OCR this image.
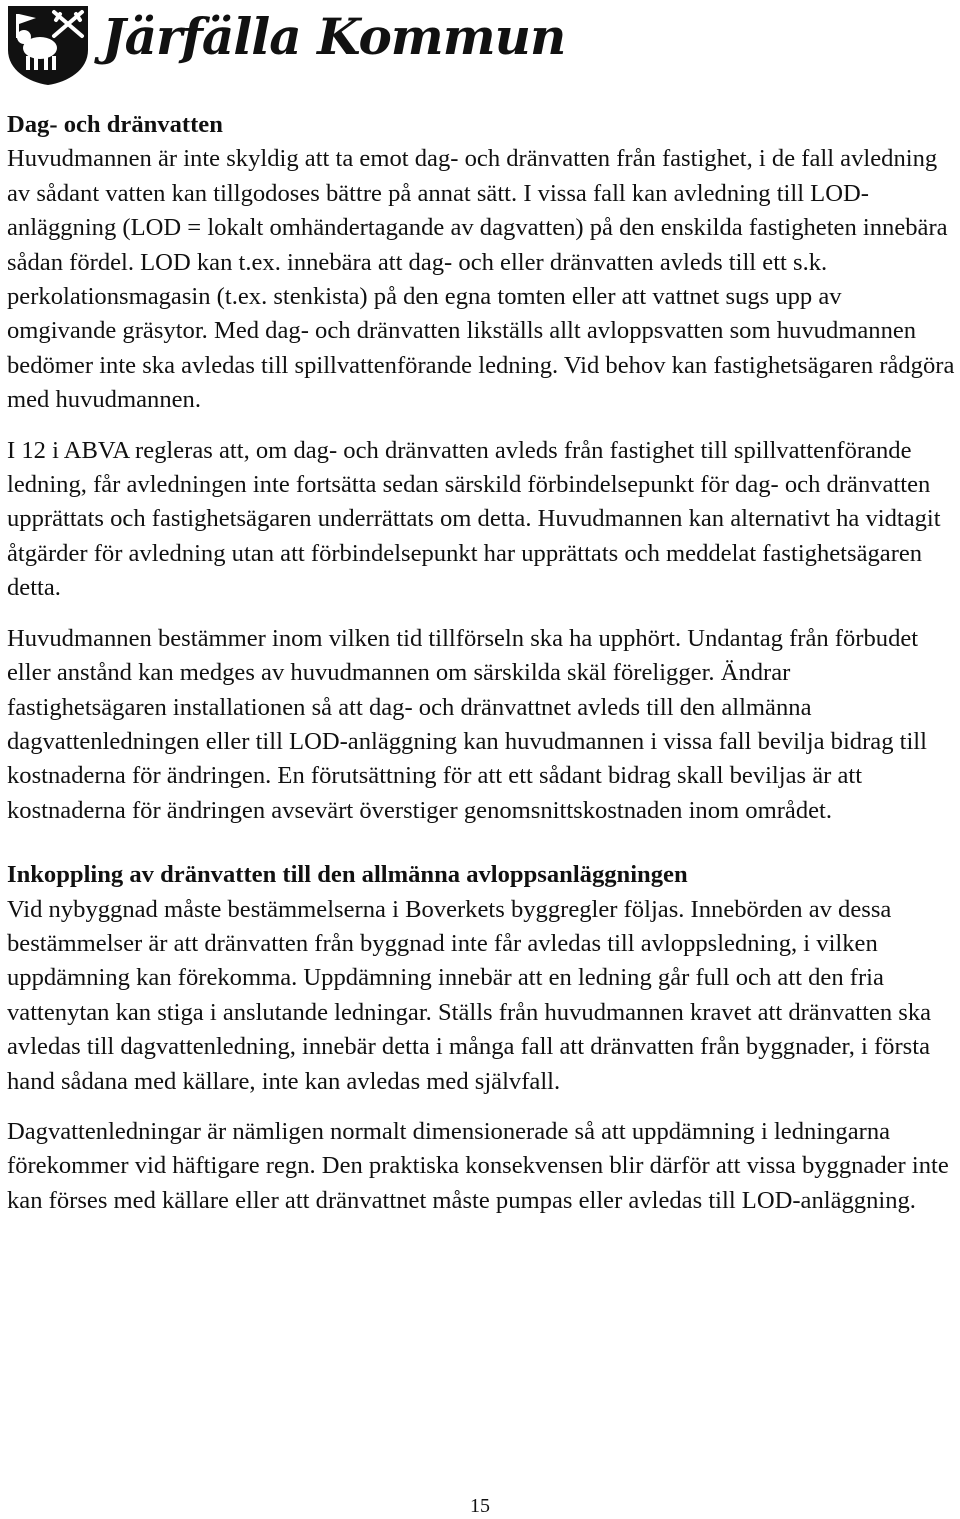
Järfälla Kommun

Dag- och dränvatten
Huvudmannen är inte skyldig att ta emot dag- och dränvatten från fastighet, i de fall avledning av sådant vatten kan tillgodoses bättre på annat sätt. I vissa fall kan avledning till LOD-anläggning (LOD = lokalt omhändertagande av dagvatten) på den enskilda fastigheten innebära sådan fördel. LOD kan t.ex. innebära att dag- och eller dränvatten avleds till ett s.k. perkolationsmagasin (t.ex. stenkista) på den egna tomten eller att vattnet sugs upp av omgivande gräsytor. Med dag- och dränvatten likställs allt avloppsvatten som huvudmannen bedömer inte ska avledas till spillvattenförande ledning. Vid behov kan fastighetsägaren rådgöra med huvudmannen.

I 12 i ABVA regleras att, om dag- och dränvatten avleds från fastighet till spillvattenförande ledning, får avledningen inte fortsätta sedan särskild förbindelsepunkt för dag- och dränvatten upprättats och fastighetsägaren underrättats om detta. Huvudmannen kan alternativt ha vidtagit åtgärder för avledning utan att förbindelsepunkt har upprättats och meddelat fastighetsägaren detta.

Huvudmannen bestämmer inom vilken tid tillförseln ska ha upphört. Undantag från förbudet eller anstånd kan medges av huvudmannen om särskilda skäl föreligger. Ändrar fastighetsägaren installationen så att dag- och dränvattnet avleds till den allmänna dagvattenledningen eller till LOD-anläggning kan huvudmannen i vissa fall bevilja bidrag till kostnaderna för ändringen. En förutsättning för att ett sådant bidrag skall beviljas är att kostnaderna för ändringen avsevärt överstiger genomsnittskostnaden inom området.

Inkoppling av dränvatten till den allmänna avloppsanläggningen
Vid nybyggnad måste bestämmelserna i Boverkets byggregler följas. Innebörden av dessa bestämmelser är att dränvatten från byggnad inte får avledas till avloppsledning, i vilken uppdämning kan förekomma. Uppdämning innebär att en ledning går full och att den fria vattenytan kan stiga i anslutande ledningar. Ställs från huvudmannen kravet att dränvatten ska avledas till dagvattenledning, innebär detta i många fall att dränvatten från byggnader, i första hand sådana med källare, inte kan avledas med självfall.

Dagvattenledningar är nämligen normalt dimensionerade så att uppdämning i ledningarna förekommer vid häftigare regn. Den praktiska konsekvensen blir därför att vissa byggnader inte kan förses med källare eller att dränvattnet måste pumpas eller avledas till LOD-anläggning.

15
